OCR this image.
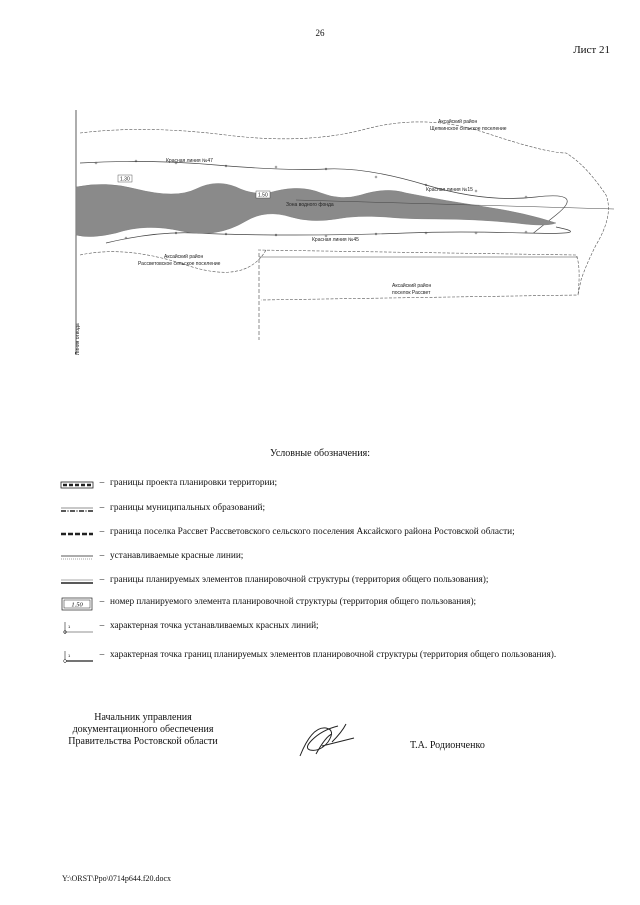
26
Лист 21
1.50
1.30
Аксайский район
Щепкинское сельское поселение
Аксайский район
Рассветовское сельское поселение
Аксайский район
поселок Рассвет
Зона водного фонда
Красная линия №47
Красная линия №15
Красная линия №45
Линия отвода
Условные обозначения:
– границы проекта планировки территории;
– границы муниципальных образований;
– граница поселка Рассвет Рассветовского сельского поселения Аксайского района Ростовской области;
– устанавливаемые красные линии;
– границы планируемых элементов планировочной структуры (территория общего пользования);
1.50	– номер планируемого элемента планировочной структуры (территория общего пользования);
1	– характерная точка устанавливаемых красных линий;
1	– характерная точка границ планируемых элементов планировочной структуры (территория общего пользования).
Начальник управления
документационного обеспечения
Правительства Ростовской области	Т.А. Родионченко
Y:\ORST\Ppo\0714p644.f20.docx
